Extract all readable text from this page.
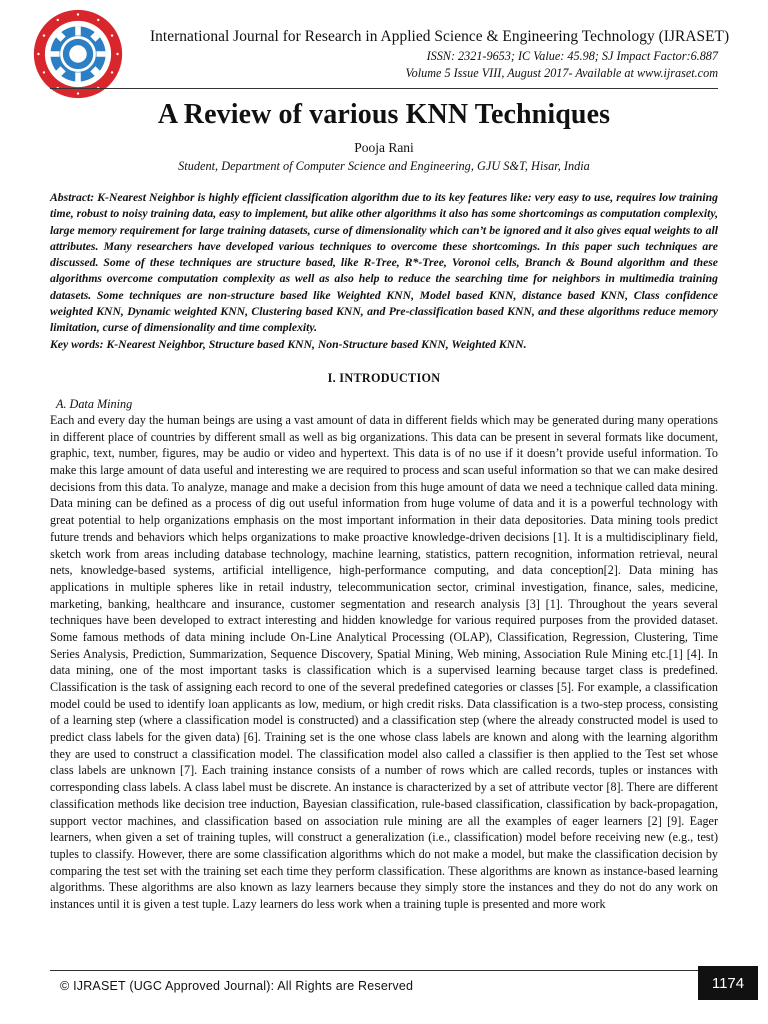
International Journal for Research in Applied Science & Engineering Technology (IJRASET)
ISSN: 2321-9653; IC Value: 45.98; SJ Impact Factor:6.887
Volume 5 Issue VIII, August 2017- Available at www.ijraset.com
A Review of various KNN Techniques
Pooja Rani
Student, Department of Computer Science and Engineering, GJU S&T, Hisar, India

Abstract: K-Nearest Neighbor is highly efficient classification algorithm due to its key features like: very easy to use, requires low training time, robust to noisy training data, easy to implement, but alike other algorithms it also has some shortcomings as computation complexity, large memory requirement for large training datasets, curse of dimensionality which can’t be ignored and it also gives equal weights to all attributes. Many researchers have developed various techniques to overcome these shortcomings. In this paper such techniques are discussed. Some of these techniques are structure based, like R-Tree, R*-Tree, Voronoi cells, Branch & Bound algorithm and these algorithms overcome computation complexity as well as also help to reduce the searching time for neighbors in multimedia training datasets. Some techniques are non-structure based like Weighted KNN, Model based KNN, distance based KNN, Class confidence weighted KNN, Dynamic weighted KNN, Clustering based KNN, and Pre-classification based KNN, and these algorithms reduce memory limitation, curse of dimensionality and time complexity.

Key words: K-Nearest Neighbor, Structure based KNN, Non-Structure based KNN, Weighted KNN.

I. INTRODUCTION
A. Data Mining

Each and every day the human beings are using a vast amount of data in different fields which may be generated during many operations in different place of countries by different small as well as big organizations. This data can be present in several formats like document, graphic, text, number, figures, may be audio or video and hypertext. This data is of no use if it doesn’t provide useful information. To make this large amount of data useful and interesting we are required to process and scan useful information so that we can make desired decisions from this data. To analyze, manage and make a decision from this huge amount of data we need a technique called data mining. Data mining can be defined as a process of dig out useful information from huge volume of data and it is a powerful technology with great potential to help organizations emphasis on the most important information in their data depositories. Data mining tools predict future trends and behaviors which helps organizations to make proactive knowledge-driven decisions [1]. It is a multidisciplinary field, sketch work from areas including database technology, machine learning, statistics, pattern recognition, information retrieval, neural nets, knowledge-based systems, artificial intelligence, high-performance computing, and data conception[2]. Data mining has applications in multiple spheres like in retail industry, telecommunication sector, criminal investigation, finance, sales, medicine, marketing, banking, healthcare and insurance, customer segmentation and research analysis [3] [1]. Throughout the years several techniques have been developed to extract interesting and hidden knowledge for various required purposes from the provided dataset. Some famous methods of data mining include On-Line Analytical Processing (OLAP), Classification, Regression, Clustering, Time Series Analysis, Prediction, Summarization, Sequence Discovery, Spatial Mining, Web mining, Association Rule Mining etc.[1] [4]. In data mining, one of the most important tasks is classification which is a supervised learning because target class is predefined. Classification is the task of assigning each record to one of the several predefined categories or classes [5]. For example, a classification model could be used to identify loan applicants as low, medium, or high credit risks. Data classification is a two-step process, consisting of a learning step (where a classification model is constructed) and a classification step (where the already constructed model is used to predict class labels for the given data) [6]. Training set is the one whose class labels are known and along with the learning algorithm they are used to construct a classification model. The classification model also called a classifier is then applied to the Test set whose class labels are unknown [7]. Each training instance consists of a number of rows which are called records, tuples or instances with corresponding class labels. A class label must be discrete. An instance is characterized by a set of attribute vector [8]. There are different classification methods like decision tree induction, Bayesian classification, rule-based classification, classification by back-propagation, support vector machines, and classification based on association rule mining are all the examples of eager learners [2] [9]. Eager learners, when given a set of training tuples, will construct a generalization (i.e., classification) model before receiving new (e.g., test) tuples to classify. However, there are some classification algorithms which do not make a model, but make the classification decision by comparing the test set with the training set each time they perform classification. These algorithms are known as instance-based learning algorithms. These algorithms are also known as lazy learners because they simply store the instances and they do not do any work on instances until it is given a test tuple. Lazy learners do less work when a training tuple is presented and more work

© IJRASET (UGC Approved Journal): All Rights are Reserved	1174
